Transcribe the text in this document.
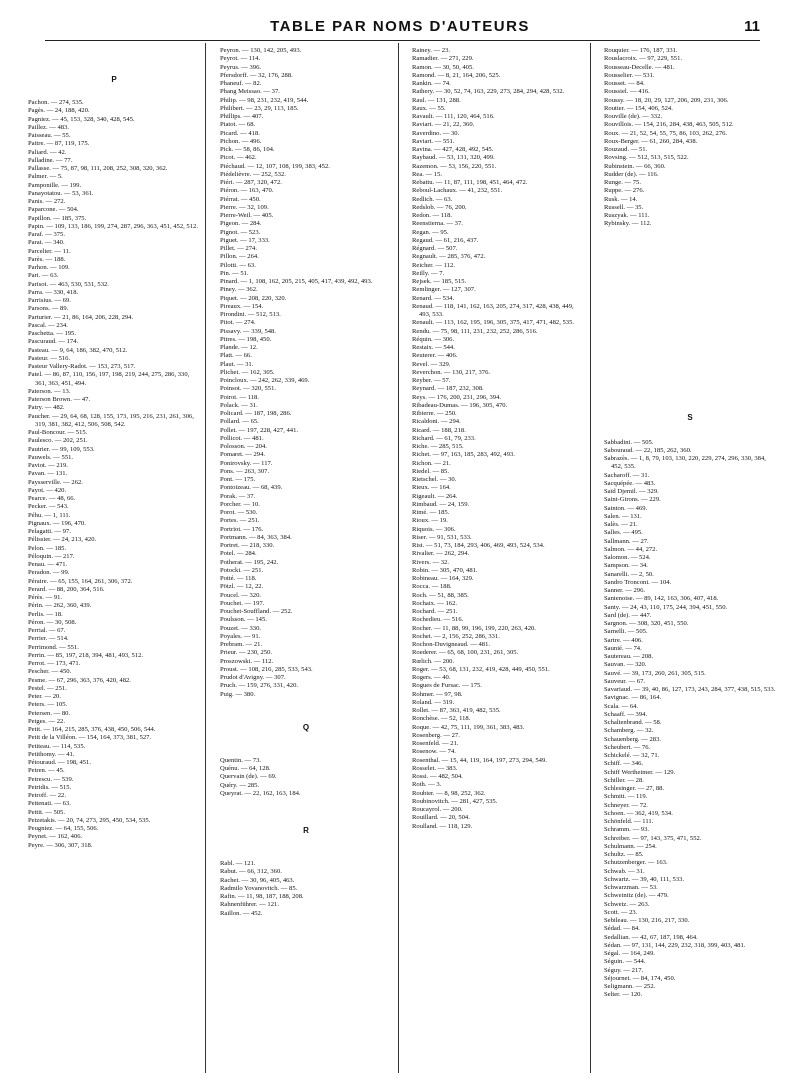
TABLE PAR NOMS D'AUTEURS	11
P
Pachon. — 274, 535.
Pagès. — 24, 188, 420.
Pagniez. — 45, 153, 328, 340, 428, 545.
Paillez. — 483.
Paisseau. — 55.
Paitre. — 87, 119, 175.
Paliard. — 42.
Palladine. — 77.
Pallasse. — 75, 87, 98, 111, 208, 252, 308, 320, 362.
Palmer. — 5.
Pamponille. — 199.
Panayotatou. — 53, 361.
Panis. — 272.
Paparcone. — 504.
Papillon. — 185, 375.
Papin. — 109, 133, 186, 199, 274, 287, 296, 363, 451, 452, 512.
Paraf. — 375.
Parat. — 340.
Parcelier. — 11.
Parès. — 188.
Parhon. — 109.
Pari. — 63.
Parisot. — 463, 530, 531, 532.
Parra. — 330, 418.
Parrisius. — 69.
Parsons. — 89.
Parturier. — 21, 86, 164, 206, 228, 294.
Pascal. — 234.
Paschetta. — 195.
Pascuraud. — 174.
Pasteau. — 9, 64, 186, 382, 470, 512.
Pasteur. — 516.
Pasteur Vallery-Radot. — 153, 273, 517.
Patel. — 86, 87, 110, 156, 197, 198, 219, 244, 275, 286, 330, 361, 363, 451, 494.
Paterson. — 13.
Paterson Brown. — 47.
Patry. — 482.
Paucher. — 29, 64, 68, 128, 155, 173, 195, 216, 231, 261, 306, 319, 381, 382, 412, 506, 508, 542.
Paul-Boncour. — 515.
Paulesco. — 202, 251.
Pautrier. — 99, 109, 553.
Pauwels. — 551.
Paviot. — 219.
Pavan. — 131.
Paysserville. — 262.
Payot. — 420.
Pearce. — 48, 66.
Pecker. — 543.
Péhu. — 1, 111.
Pignaux. — 196, 470.
Pelagatti. — 97.
Pélissier. — 24, 213, 420.
Pelon. — 185.
Péloquin. — 217.
Penau. — 471.
Peradon. — 99.
Péraire. — 65, 155, 164, 261, 306, 372.
Perard. — 88, 200, 364, 516.
Pérès. — 91.
Périn. — 262, 360, 439.
Perlis. — 18.
Péron. — 30, 508.
Perrial. — 67.
Perrier. — 514.
Perrimond. — 551.
Perrin. — 85, 197, 218, 394, 481, 493, 512.
Perrot. — 173, 471.
Pescher. — 450.
Pesme. — 67, 296, 363, 376, 420, 482.
Pestel. — 251.
Peter. — 20.
Peters. — 105.
Petersen. — 80.
Petges. — 22.
Petit. — 164, 215, 285, 376, 438, 450, 506, 544.
Petit de la Villéon. — 154, 164, 373, 381, 527.
Petiteau. — 114, 535.
Petithomy. — 41.
Pétouraud. — 198, 451.
Petren. — 45.
Petrescu. — 539.
Petridis. — 515.
Petroff. — 22.
Pettenati. — 63.
Pettit. — 505.
Petzetakis. — 20, 74, 273, 295, 450, 534, 535.
Peugniez. — 64, 155, 506.
Peynet. — 162, 406.
Peyre. — 306, 307, 318.
Peyron. — 130, 142, 205, 493.
Peyrot. — 114.
Peyrus. — 396.
Pfersdorff. — 32, 176, 288.
Phaneuf. — 82.
Phang Meissao. — 37.
Philip. — 98, 231, 232, 419, 544.
Philibert. — 23, 29, 113, 185.
Phillips. — 407.
Piatot. — 68.
Picard. — 418.
Pichon. — 496.
Pick. — 58, 86, 104.
Picot. — 462.
Piéchaud. — 12, 107, 108, 199, 383, 452.
Piédelièvre. — 252, 532.
Piéri. — 287, 320, 472.
Piéron. — 163, 470.
Piérrat. — 450.
Pierre. — 32, 109.
Pierre-Weil. — 405.
Pigeon. — 284.
Pignot. — 523.
Piguet. — 17, 333.
Pillet. — 274.
Pillon. — 264.
Pilotti. — 63.
Pin. — 51.
Pinard. — 1, 108, 162, 205, 215, 405, 417, 439, 492, 493.
Piney. — 362.
Piquet. — 208, 220, 320.
Pireaux. — 154.
Pirondini. — 512, 513.
Pitot. — 274.
Pissavy. — 339, 548.
Pitres. — 198, 450.
Plande. — 12.
Platt. — 66.
Plaut. — 31.
Plichet. — 162, 305.
Poincloux. — 242, 262, 339, 469.
Poinsot. — 320, 551.
Poirot. — 118.
Polack. — 31.
Policard. — 187, 198, 286.
Pollard. — 65.
Pollet. — 197, 228, 427, 441.
Pollicot. — 481.
Polosson. — 204.
Pomaret. — 294.
Ponirovsky. — 117.
Pons. — 263, 307.
Pont. — 175.
Pontoizeau. — 68, 439.
Porak. — 37.
Porcher. — 10.
Porot. — 530.
Portes. — 251.
Portriot. — 176.
Portmann. — 84, 363, 384.
Portret. — 218, 330.
Potel. — 284.
Potherat. — 195, 242.
Potocki. — 251.
Potté. — 118.
Pötzl. — 12, 22.
Poucel. — 320.
Pouchet. — 197.
Pouchet-Souffland. — 252.
Poulsson. — 145.
Pouzet. — 330.
Poyales. — 91.
Prebram. — 21.
Prieur. — 230, 250.
Proszowski. — 112.
Proust. — 108, 216, 285, 533, 543.
Prudot d'Avigny. — 307.
Pruch. — 159, 276, 331, 420.
Puig. — 380.
Q
Quentin. — 73.
Quénu. — 64, 128.
Quervain (de). — 69.
Quéry. — 285.
Queyrat. — 22, 162, 163, 184.
R
Rabl. — 121.
Rabut. — 66, 312, 360.
Rachet. — 30, 96, 405, 463.
Radmilo Yovanovitch. — 85.
Rafin. — 11, 98, 187, 188, 208.
Rahnenführer. — 121.
Raillon. — 452.
Rainey. — 23.
Ramadier. — 271, 229.
Ramon. — 30, 50, 405.
Ramond. — 8, 21, 164, 206, 525.
Rankin. — 74.
Rathery. — 30, 52, 74, 163, 229, 273, 284, 294, 428, 532.
Raul. — 131, 288.
Raux. — 55.
Ravault. — 111, 120, 464, 516.
Raviart. — 21, 22, 360.
Raverdino. — 30.
Raviart. — 551.
Ravina. — 427, 428, 492, 545.
Raybaud. — 53, 131, 320, 499.
Razemon. — 53, 156, 220, 551.
Rea. — 15.
Rebattu. — 11, 87, 111, 198, 451, 464, 472.
Reboul-Lachaux. — 41, 232, 551.
Redlich. — 63.
Redslob. — 76, 200.
Redon. — 118.
Reenstierna. — 37.
Regan. — 95.
Regaud. — 61, 216, 437.
Régnard. — 507.
Regnault. — 285, 376, 472.
Reicher. — 112.
Reilly. — 7.
Rejsek. — 185, 515.
Remlinger. — 127, 307.
Renard. — 534.
Renaud. — 118, 141, 162, 163, 205, 274, 317, 428, 438, 449, 493, 533.
Renault. — 113, 162, 195, 196, 305, 375, 417, 471, 482, 535.
Rendu. — 75, 98, 111, 231, 232, 252, 286, 516.
Réquin. — 306.
Restaix. — 544.
Reuterer. — 406.
Revel. — 329.
Reverchon. — 130, 217, 376.
Reyber. — 57.
Reynard. — 187, 232, 308.
Reys. — 176, 200, 231, 296, 394.
Ribadeau-Dumas. — 196, 305, 470.
Ribierre. — 250.
Ricaldoni. — 294.
Ricard. — 188, 218.
Richard. — 61, 79, 233.
Riche. — 285, 515.
Richet. — 97, 163, 185, 283, 492, 493.
Richon. — 21.
Riedel. — 85.
Rietschel. — 30.
Rieux. — 164.
Rigeault. — 264.
Rimbaud. — 24, 159.
Rimé. — 185.
Rioux. — 19.
Riquois. — 306.
Riser. — 91, 531, 533.
Rist. — 51, 73, 184, 293, 406, 469, 493, 524, 534.
Rivalier. — 262, 294.
Rivers. — 32.
Robin. — 305, 470, 481.
Robineau. — 164, 329.
Rocca. — 188.
Roch. — 51, 88, 385.
Rochaix. — 162.
Rochard. — 251.
Rochedieu. — 516.
Rocher. — 11, 88, 99, 196, 199, 220, 263, 420.
Rochet. — 2, 156, 252, 286, 331.
Rochon-Duvigneaud. — 481.
Roederer. — 65, 68, 100, 231, 261, 305.
Rœlich. — 200.
Roger. — 53, 68, 131, 232, 419, 428, 449, 450, 551.
Rogers. — 40.
Rogues de Fursac. — 175.
Rohmer. — 97, 98.
Roland. — 319.
Rollet. — 87, 363, 419, 482, 535.
Ronchèse. — 52, 118.
Roque. — 42, 75, 111, 199, 361, 383, 483.
Rosenberg. — 27.
Rosenfeld. — 21.
Rosenow. — 74.
Rosenthal. — 15, 44, 119, 164, 197, 273, 294, 549.
Rosselet. — 383.
Rossi. — 482, 504.
Roth. — 3.
Roubier. — 8, 98, 252, 362.
Roubinovitch. — 281, 427, 535.
Roucayrol. — 200.
Rouillard. — 20, 504.
Roulland. — 118, 129.
Rouquier. — 176, 187, 331.
Rouslacroix. — 97, 229, 551.
Rousseau-Decelle. — 481.
Rousselier. — 531.
Rousset. — 84.
Roussiel. — 416.
Roussy. — 18, 20, 29, 127, 206, 209, 231, 306.
Routier. — 154, 406, 524.
Rouville (de). — 332.
Rouvillois. — 154, 216, 284, 438, 463, 505, 512.
Roux. — 21, 52, 54, 55, 75, 86, 103, 262, 276.
Roux-Berger. — 61, 260, 284, 438.
Rouzaud. — 51.
Rovsing. — 512, 513, 515, 522.
Rubinstein. — 66, 360.
Rudder (de). — 116.
Runge. — 75.
Ruppe. — 276.
Rusk. — 14.
Russell. — 35.
Ruszyak. — 111.
Rybinsky. — 112.
S
Sabbadini. — 505.
Sabouraud. — 22, 185, 262, 360.
Sabrazès. — 1, 8, 79, 103, 130, 220, 229, 274, 296, 330, 384, 452, 535.
Sacharoff. — 31.
Sacquépée. — 483.
Saïd Djemil. — 329.
Saint-Girons. — 229.
Sainton. — 469.
Salen. — 131.
Salès. — 21.
Salles. — 495.
Sallmann. — 27.
Salmon. — 44, 272.
Salomon. — 524.
Sampson. — 34.
Sanarelli. — 2, 50.
Sandro Tronconi. — 104.
Sanner. — 296.
Santenoise. — 89, 142, 163, 306, 407, 418.
Santy. — 24, 43, 110, 175, 244, 394, 451, 550.
Sard (de). — 447.
Sargnon. — 308, 320, 451, 550.
Sarnelli. — 505.
Sartre. — 406.
Saunié. — 74.
Sautereau. — 208.
Sauvan. — 320.
Sauvé. — 39, 173, 260, 261, 305, 515.
Sauveur. — 67.
Savariaud. — 39, 40, 86, 127, 173, 243, 284, 377, 438, 515, 533.
Savignac. — 86, 164.
Scala. — 64.
Schaaff. — 394.
Schaltenbrand. — 58.
Schamberg. — 32.
Schauenberg. — 283.
Scheubert. — 76.
Schickelé. — 32, 71.
Schiff. — 346.
Schiff Wertheimer. — 129.
Schiller. — 28.
Schlesinger. — 27, 88.
Schmitt. — 119.
Schneyer. — 72.
Schoen. — 362, 419, 534.
Schönfeld. — 111.
Schramm. — 93.
Schreiber. — 97, 143, 375, 471, 552.
Schulmann. — 254.
Schultz. — 85.
Schutzenberger. — 163.
Schwab. — 31.
Schwartz. — 39, 40, 111, 533.
Schwarzman. — 53.
Schweinitz (de). — 479.
Schwetz. — 263.
Scott. — 23.
Sebileau. — 130, 216, 217, 330.
Sédad. — 84.
Sedallian. — 42, 67, 187, 198, 464.
Sédan. — 97, 131, 144, 229, 232, 318, 399, 403, 481.
Ségal. — 164, 249.
Séguin. — 544.
Séguy. — 217.
Séjournet. — 84, 174, 450.
Seligmann. — 252.
Selter. — 120.
